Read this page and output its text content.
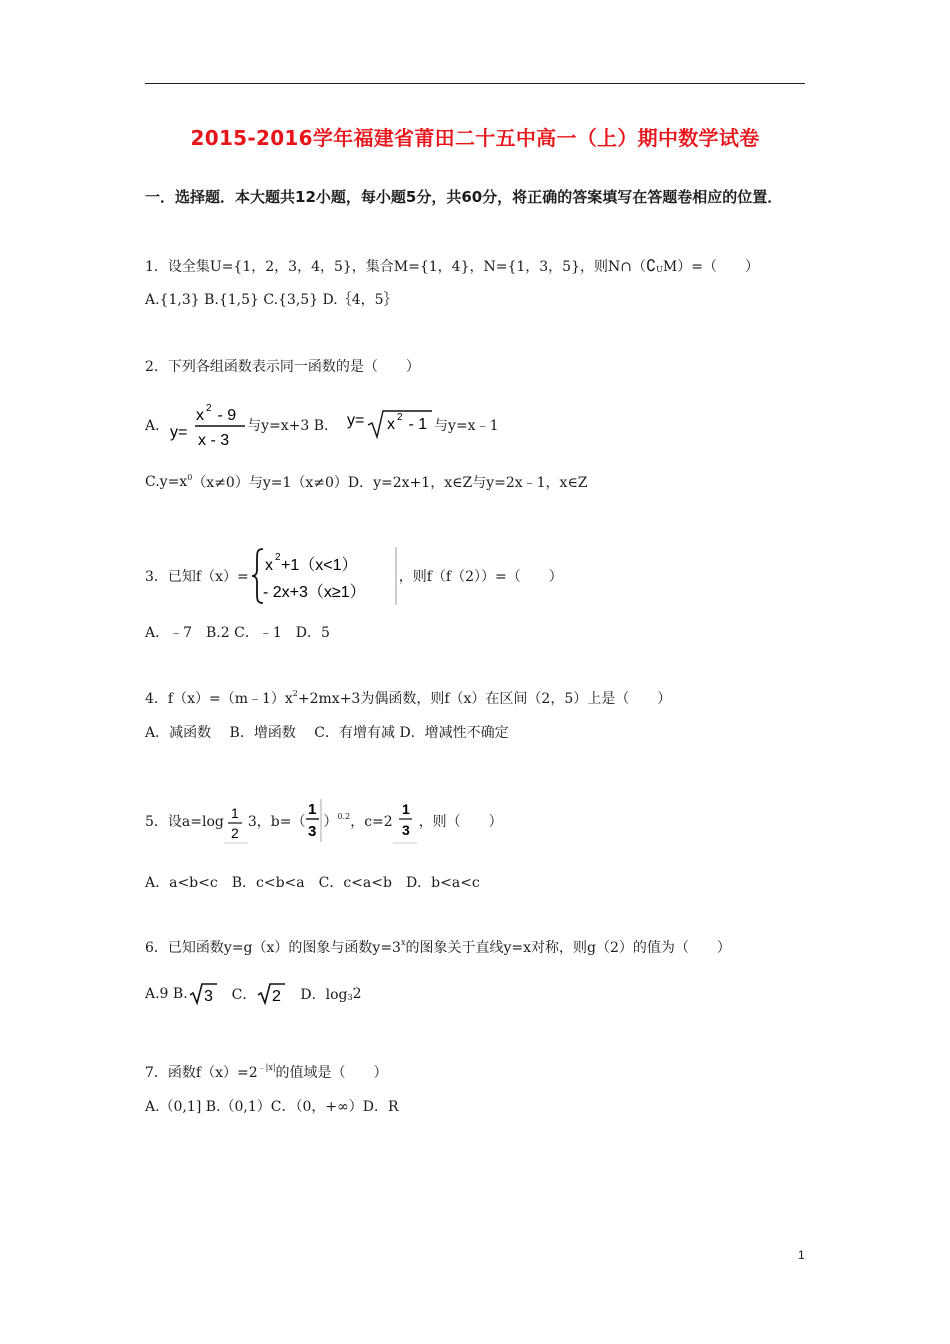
2015-2016学年福建省莆田二十五中高一（上）期中数学试卷
一．选择题．本大题共12小题，每小题5分，共60分，将正确的答案填写在答题卷相应的位置．
1．设全集U={1，2，3，4，5}，集合M={1，4}，N={1，3，5}，则$N\cap(∁_UM)=$（　　）
A.{1,3} B.{1,5} C.{3,5} D.｛4，5｝
2．下列各组函数表示同一函数的是（　　）
A． y=
x 2 - 9
x - 3
与y=x+3 B． y= x 2 - 1 与y=x﹣1
$C.y=x^0(x\ne 0)$与y=1（x≠0）D．y=2x+1，x∈Z与y=2x﹣1，x∈Z
3．已知f（x）=
x 2 +1（x<1）
- 2x+3（x≥1）
，则f（f（2））=（　　）
A．﹣7　B.2 C．﹣1　D．5
4．$f(x)=(m﹣1)x^2+2mx+3$为偶函数，则f（x）在区间（2，5）上是（　　）
A．减函数　 B．增函数　 C．有增有减 D．增减性不确定
5．设a=log
1
2
3，b=（
1
3
）$^{0.2}$，c=2
1
3 ，则（　　）
A．a<b<c　B．c<b<a　C．c<a<b　D．b<a<c
6．已知函数y=g（x）的图象与函数$y=3^x$的图象关于直线y=x对称，则g（2）的值为（　　）
A.9 B. 3 　C． 2 　D．$\log_32$
7．函数$f(x)=2^{﹣|x|}$的值域是（　　）
A.（0,1] B.（0,1）C．（0，+∞）D．R
1
